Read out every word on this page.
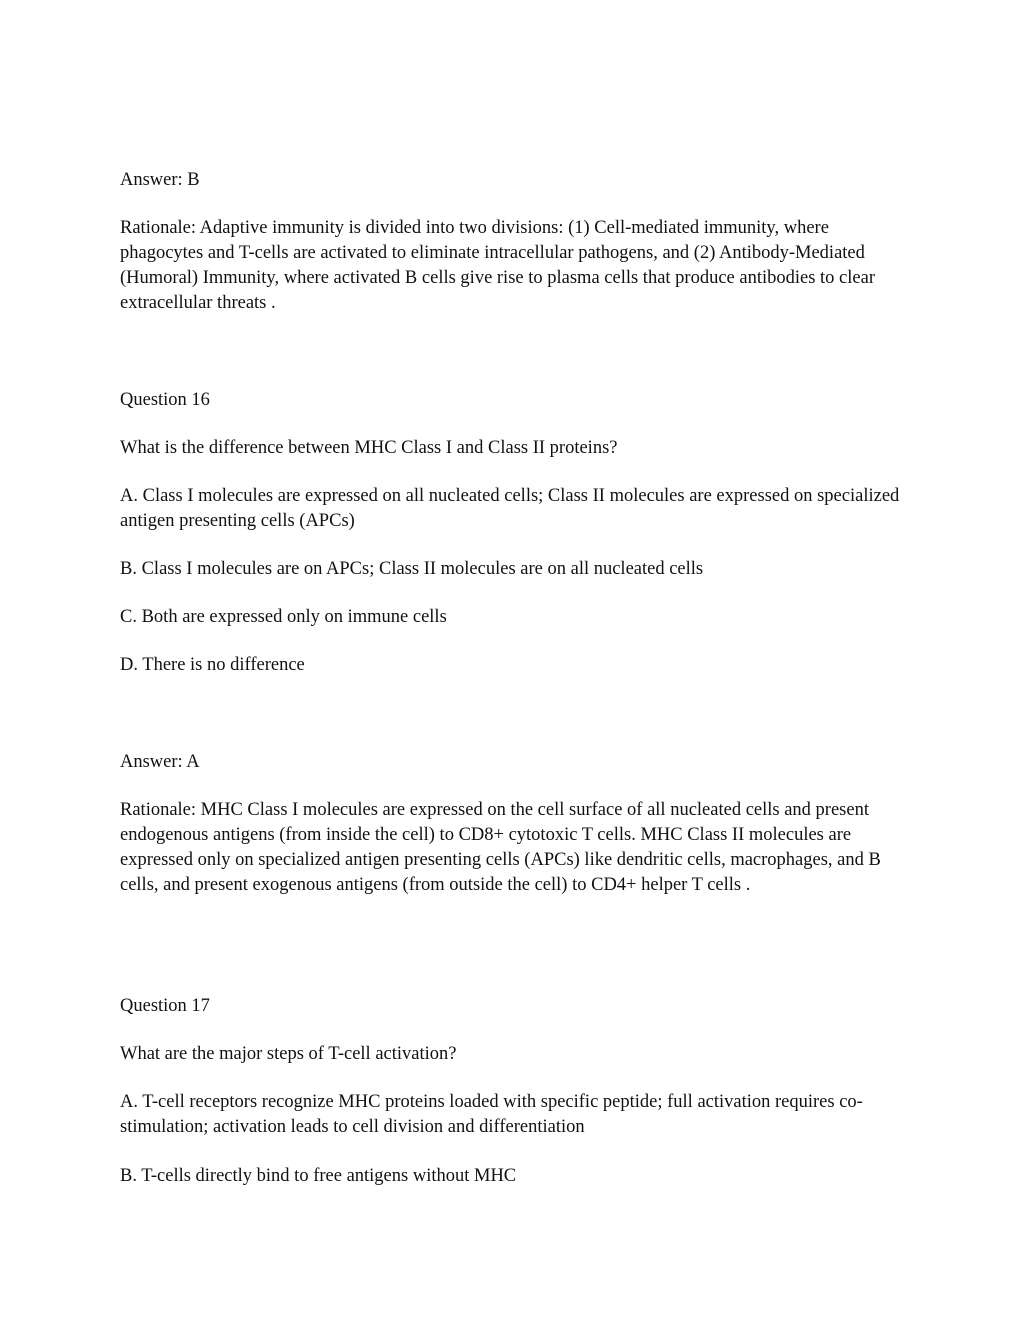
Answer: B

Rationale: Adaptive immunity is divided into two divisions: (1) Cell-mediated immunity, where phagocytes and T-cells are activated to eliminate intracellular pathogens, and (2) Antibody-Mediated (Humoral) Immunity, where activated B cells give rise to plasma cells that produce antibodies to clear extracellular threats .

Question 16

What is the difference between MHC Class I and Class II proteins?

A. Class I molecules are expressed on all nucleated cells; Class II molecules are expressed on specialized antigen presenting cells (APCs)

B. Class I molecules are on APCs; Class II molecules are on all nucleated cells

C. Both are expressed only on immune cells

D. There is no difference

Answer: A

Rationale: MHC Class I molecules are expressed on the cell surface of all nucleated cells and present endogenous antigens (from inside the cell) to CD8+ cytotoxic T cells. MHC Class II molecules are expressed only on specialized antigen presenting cells (APCs) like dendritic cells, macrophages, and B cells, and present exogenous antigens (from outside the cell) to CD4+ helper T cells .

Question 17

What are the major steps of T-cell activation?

A. T-cell receptors recognize MHC proteins loaded with specific peptide; full activation requires co-stimulation; activation leads to cell division and differentiation

B. T-cells directly bind to free antigens without MHC
